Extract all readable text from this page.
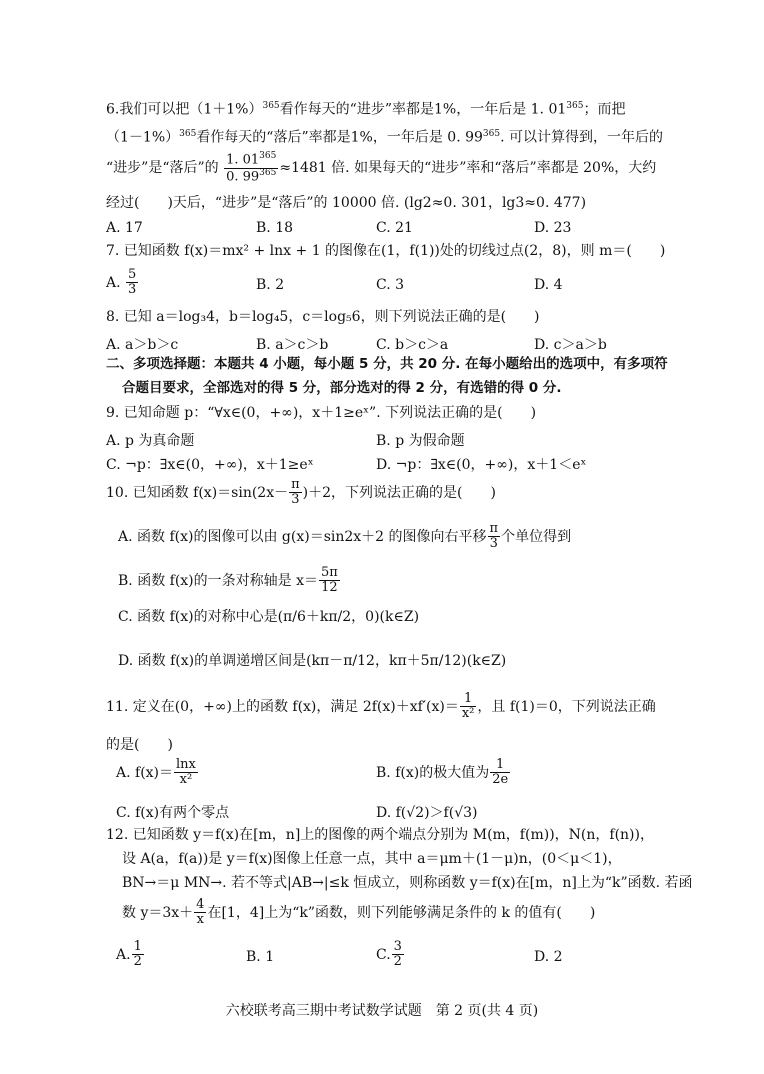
6.我们可以把$(1+1\%)^{365}$看作每天的“进步”率都是1%，一年后是 1. $01^{365}$；而把
$(1-1\%)^{365}$看作每天的“落后”率都是1%，一年后是 0. $99^{365}$. 可以计算得到，一年后的
“进步”是“落后”的 $\frac{1. 01^{365}}{0. 99^{365}} \approx 1481$ 倍. 如果每天的“进步”率和“落后”率都是 20%，大约
经过(　　)天后，“进步”是“落后”的 10000 倍. (lg2≈0. 301，lg3≈0. 477)
A. 17	B. 18	C. 21	D. 23
7. 已知函数 f(x)＝mx² + lnx + 1 的图像在(1，f(1))处的切线过点(2，8)，则 m＝(　　)
A. $\frac{5}{3}$	B. 2	C. 3	D. 4
8. 已知 a＝log₃4，b＝log₄5，c＝log₅6，则下列说法正确的是(　　)
A. a＞b＞c	B. a＞c＞b	C. b＞c＞a	D. c＞a＞b
二、多项选择题：本题共 4 小题，每小题 5 分，共 20 分. 在每小题给出的选项中，有多项符
合题目要求，全部选对的得 5 分，部分选对的得 2 分，有选错的得 0 分.
9. 已知命题 p：“∀x∈(0，+∞)，x＋1≥eˣ”. 下列说法正确的是(　　)
A. p 为真命题	B. p 为假命题
C. ¬p：∃x∈(0，+∞)，x＋1≥eˣ	D. ¬p：∃x∈(0，+∞)，x＋1＜eˣ
10. 已知函数 $f(x)=\sin(2x- \frac{\pi}{3} )+2$，下列说法正确的是(　　)
A. 函数 f(x)的图像可以由 g(x)＝sin2x＋2 的图像向右平移 $\frac{\pi}{3}$ 个单位得到
B. 函数 f(x)的一条对称轴是 $x= \frac{5\pi}{12}$
C. 函数 f(x)的对称中心是(π/6＋kπ/2，0)(k∈Z)
D. 函数 f(x)的单调递增区间是(kπ－π/12，kπ＋5π/12)(k∈Z)
11. 定义在(0，+∞)上的函数 f(x)，满足 $2f(x)+xf'(x)= \frac{1}{\text{x²}}$ ，且 f(1)＝0，下列说法正确
的是(　　)
A. $f(x)= \frac{\ln x}{\text{x²}}$	B. f(x)的极大值为 $\frac{1}{2e}$
C. f(x)有两个零点	D. f(√2)＞f(√3)
12. 已知函数 y＝f(x)在[m，n]上的图像的两个端点分别为 M(m，f(m))，N(n，f(n))，
设 A(a，f(a))是 y＝f(x)图像上任意一点，其中 a＝μm＋(1－μ)n，(0＜μ＜1)，
BN→＝μ MN→. 若不等式|AB→|≤k 恒成立，则称函数 y＝f(x)在[m，n]上为“k”函数. 若函
数 $y=3x+ \frac{4}{x}$ 在[1，4]上为“k”函数，则下列能够满足条件的 k 的值有(　　)
A. $\frac{1}{2}$	B. 1	C. $\frac{3}{2}$	D. 2
六校联考高三期中考试数学试题　第 2 页(共 4 页)
